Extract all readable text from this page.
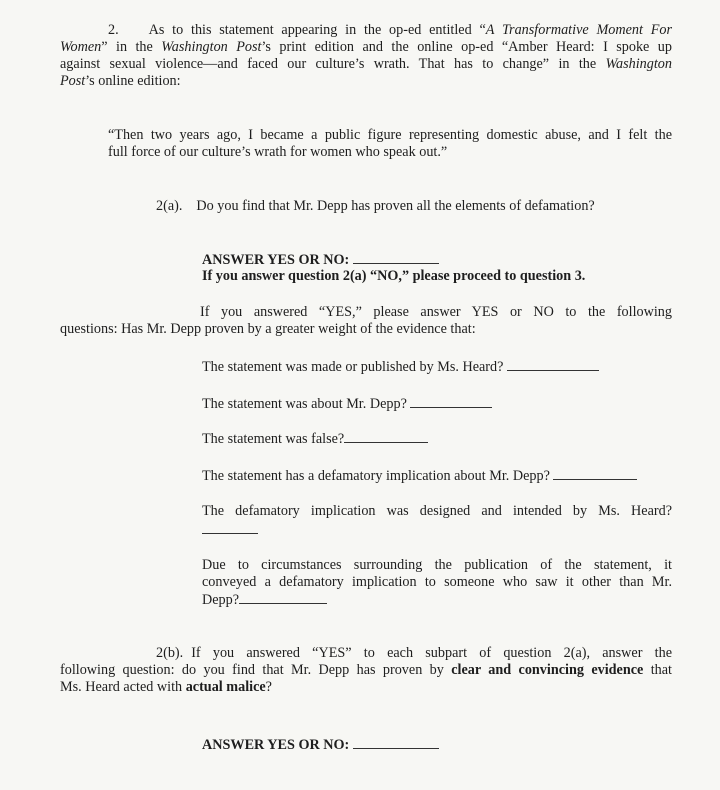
2. As to this statement appearing in the op-ed entitled “A Transformative Moment For
Women” in the Washington Post’s print edition and the online op-ed “Amber Heard: I spoke up
against sexual violence—and faced our culture’s wrath. That has to change” in the Washington
Post’s online edition:
“Then two years ago, I became a public figure representing domestic abuse, and I felt the
full force of our culture’s wrath for women who speak out.”
2(a). Do you find that Mr. Depp has proven all the elements of defamation?
ANSWER YES OR NO:
If you answer question 2(a) “NO,” please proceed to question 3.
If you answered “YES,” please answer YES or NO to the following
questions: Has Mr. Depp proven by a greater weight of the evidence that:
The statement was made or published by Ms. Heard?
The statement was about Mr. Depp?
The statement was false?
The statement has a defamatory implication about Mr. Depp?
The defamatory implication was designed and intended by Ms. Heard?
Due to circumstances surrounding the publication of the statement, it
conveyed a defamatory implication to someone who saw it other than Mr.
Depp?
2(b). If you answered “YES” to each subpart of question 2(a), answer the
following question: do you find that Mr. Depp has proven by clear and convincing evidence that
Ms. Heard acted with actual malice?
ANSWER YES OR NO:
